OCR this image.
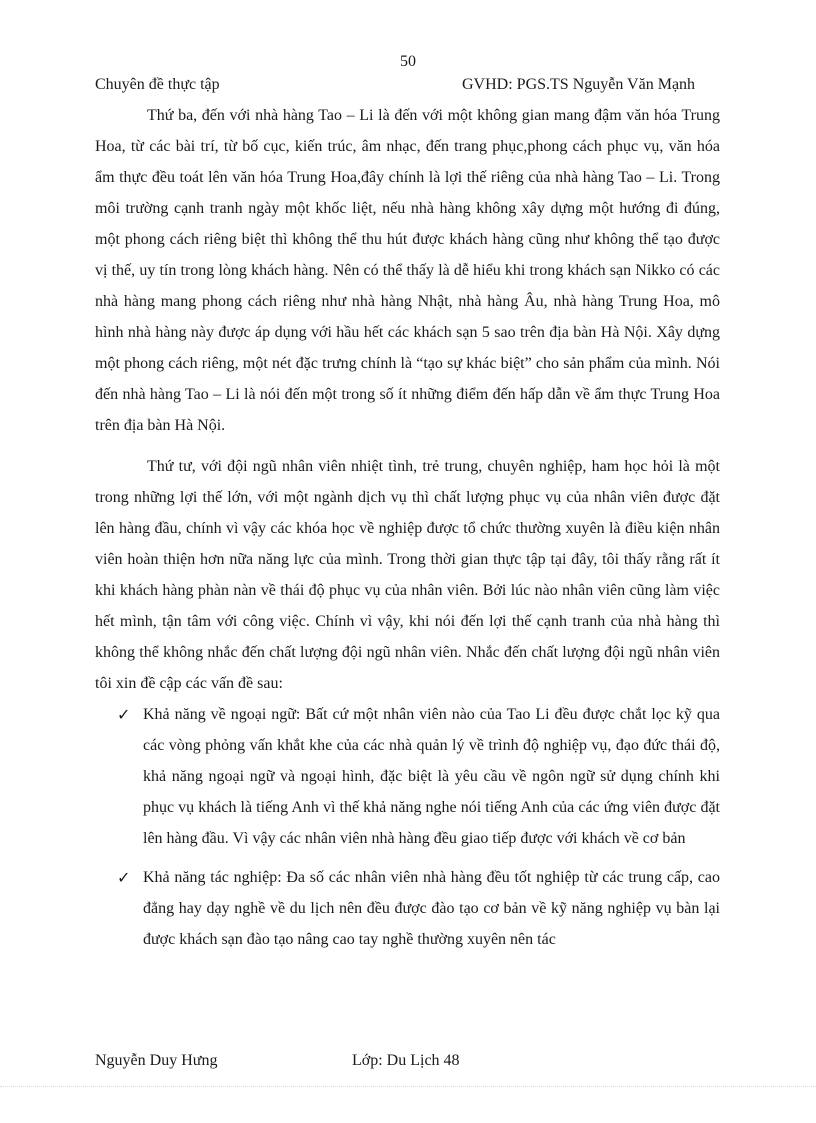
50
Chuyên đề thực tập	GVHD: PGS.TS Nguyễn Văn Mạnh

Thứ ba, đến với nhà hàng Tao – Li là đến với một không gian mang đậm văn hóa Trung Hoa, từ các bài trí, từ bố cục, kiến trúc, âm nhạc, đến trang phục,phong cách phục vụ, văn hóa ẩm thực đều toát lên văn hóa Trung Hoa,đây chính là lợi thế riêng của nhà hàng Tao – Li. Trong môi trường cạnh tranh ngày một khốc liệt, nếu nhà hàng không xây dựng một hướng đi đúng, một phong cách riêng biệt thì không thể thu hút được khách hàng cũng như không thể tạo được vị thế, uy tín trong lòng khách hàng. Nên có thể thấy là dễ hiểu khi trong khách sạn Nikko có các nhà hàng mang phong cách riêng như nhà hàng Nhật, nhà hàng Âu, nhà hàng Trung Hoa, mô hình nhà hàng này được áp dụng với hầu hết các khách sạn 5 sao trên địa bàn Hà Nội. Xây dựng một phong cách riêng, một nét đặc trưng chính là “tạo sự khác biệt” cho sản phẩm của mình. Nói đến nhà hàng Tao – Li là nói đến một trong số ít những điểm đến hấp dẫn về ẩm thực Trung Hoa trên địa bàn Hà Nội.

Thứ tư, với đội ngũ nhân viên nhiệt tình, trẻ trung, chuyên nghiệp, ham học hỏi là một trong những lợi thế lớn, với một ngành dịch vụ thì chất lượng phục vụ của nhân viên được đặt lên hàng đầu, chính vì vậy các khóa học về nghiệp được tổ chức thường xuyên là điều kiện nhân viên hoàn thiện hơn nữa năng lực của mình. Trong thời gian thực tập tại đây, tôi thấy rằng rất ít khi khách hàng phàn nàn về thái độ phục vụ của nhân viên. Bởi lúc nào nhân viên cũng làm việc hết mình, tận tâm với công việc. Chính vì vậy, khi nói đến lợi thế cạnh tranh của nhà hàng thì không thể không nhắc đến chất lượng đội ngũ nhân viên. Nhắc đến chất lượng đội ngũ nhân viên tôi xin đề cập các vấn đề sau:

✓ Khả năng về ngoại ngữ: Bất cứ một nhân viên nào của Tao Li đều được chắt lọc kỹ qua các vòng phỏng vấn khắt khe của các nhà quản lý về trình độ nghiệp vụ, đạo đức thái độ, khả năng ngoại ngữ và ngoại hình, đặc biệt là yêu cầu về ngôn ngữ sử dụng chính khi phục vụ khách là tiếng Anh vì thế khả năng nghe nói tiếng Anh của các ứng viên được đặt lên hàng đầu. Vì vậy các nhân viên nhà hàng đều giao tiếp được với khách về cơ bản
✓ Khả năng tác nghiệp: Đa số các nhân viên nhà hàng đều tốt nghiệp từ các trung cấp, cao đẳng hay dạy nghề về du lịch nên đều được đào tạo cơ bản về kỹ năng nghiệp vụ bàn lại được khách sạn đào tạo nâng cao tay nghề thường xuyên nên tác
Nguyễn Duy Hưng	Lớp: Du Lịch 48
